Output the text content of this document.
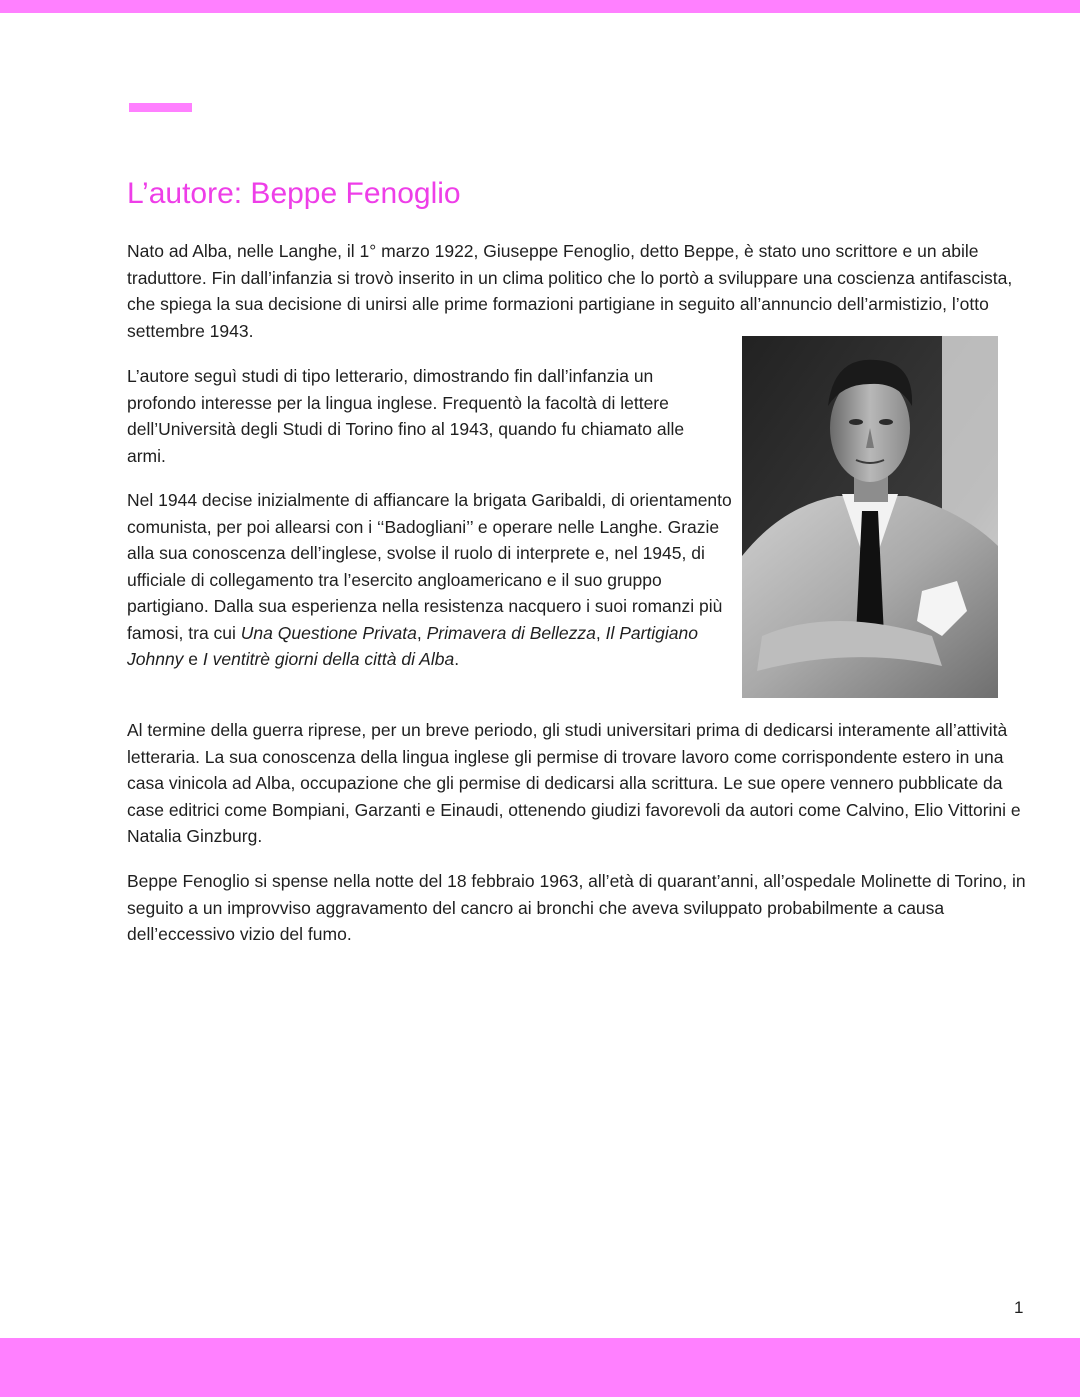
L’autore: Beppe Fenoglio

Nato ad Alba, nelle Langhe, il 1° marzo 1922, Giuseppe Fenoglio, detto Beppe, è stato uno scrittore e un abile traduttore. Fin dall’infanzia si trovò inserito in un clima politico che lo portò a sviluppare una coscienza antifascista, che spiega la sua decisione di unirsi alle prime formazioni partigiane in seguito all’annuncio dell’armistizio, l’otto settembre 1943.

L’autore seguì studi di tipo letterario, dimostrando fin dall’infanzia un profondo interesse per la lingua inglese. Frequentò la facoltà di lettere dell’Università degli Studi di Torino fino al 1943, quando fu chiamato alle armi.

Nel 1944 decise inizialmente di affiancare la brigata Garibaldi, di orientamento comunista, per poi allearsi con i ‘‘Badogliani’’ e operare nelle Langhe. Grazie alla sua conoscenza dell’inglese, svolse il ruolo di interprete e, nel 1945, di ufficiale di collegamento tra l’esercito angloamericano e il suo gruppo partigiano. Dalla sua esperienza nella resistenza nacquero i suoi romanzi più famosi, tra cui Una Questione Privata, Primavera di Bellezza, Il Partigiano Johnny e I ventitrè giorni della città di Alba.

Al termine della guerra riprese, per un breve periodo, gli studi universitari prima di dedicarsi interamente all’attività letteraria. La sua conoscenza della lingua inglese gli permise di trovare lavoro come corrispondente estero in una casa vinicola ad Alba, occupazione che gli permise di dedicarsi alla scrittura. Le sue opere vennero pubblicate da case editrici come Bompiani, Garzanti e Einaudi, ottenendo giudizi favorevoli da autori come Calvino, Elio Vittorini e Natalia Ginzburg.

Beppe Fenoglio si spense nella notte del 18 febbraio 1963, all’età di quarant’anni, all’ospedale Molinette di Torino, in seguito a un improvviso aggravamento del cancro ai bronchi che aveva sviluppato probabilmente a causa dell’eccessivo vizio del fumo.

1
